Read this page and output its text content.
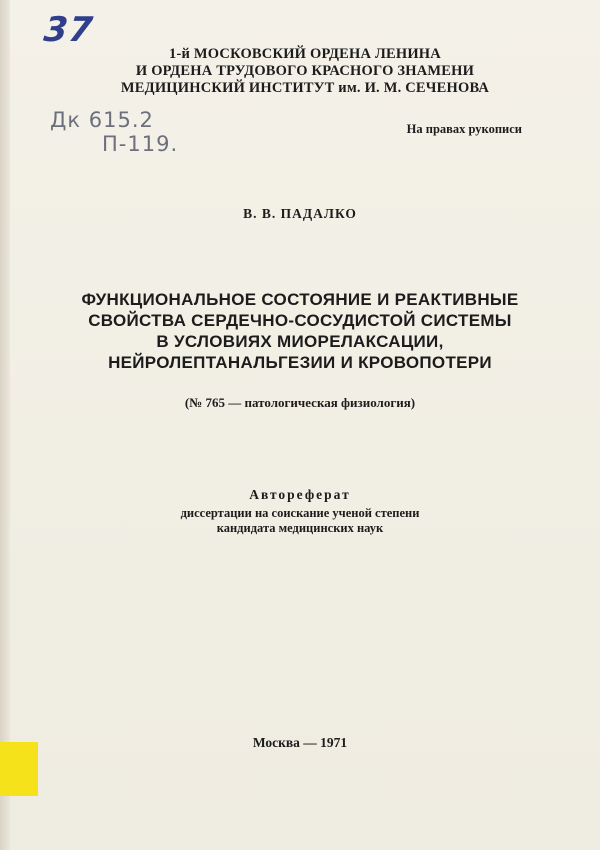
37
Дк 615.2
П-119.
1-й МОСКОВСКИЙ ОРДЕНА ЛЕНИНА
И ОРДЕНА ТРУДОВОГО КРАСНОГО ЗНАМЕНИ
МЕДИЦИНСКИЙ ИНСТИТУТ им. И. М. СЕЧЕНОВА
На правах рукописи
В. В. ПАДАЛКО
ФУНКЦИОНАЛЬНОЕ СОСТОЯНИЕ И РЕАКТИВНЫЕ
СВОЙСТВА СЕРДЕЧНО-СОСУДИСТОЙ СИСТЕМЫ
В УСЛОВИЯХ МИОРЕЛАКСАЦИИ,
НЕЙРОЛЕПТАНАЛЬГЕЗИИ И КРОВОПОТЕРИ
(№ 765 — патологическая физиология)
Автореферат
диссертации на соискание ученой степени
кандидата медицинских наук
Москва — 1971
